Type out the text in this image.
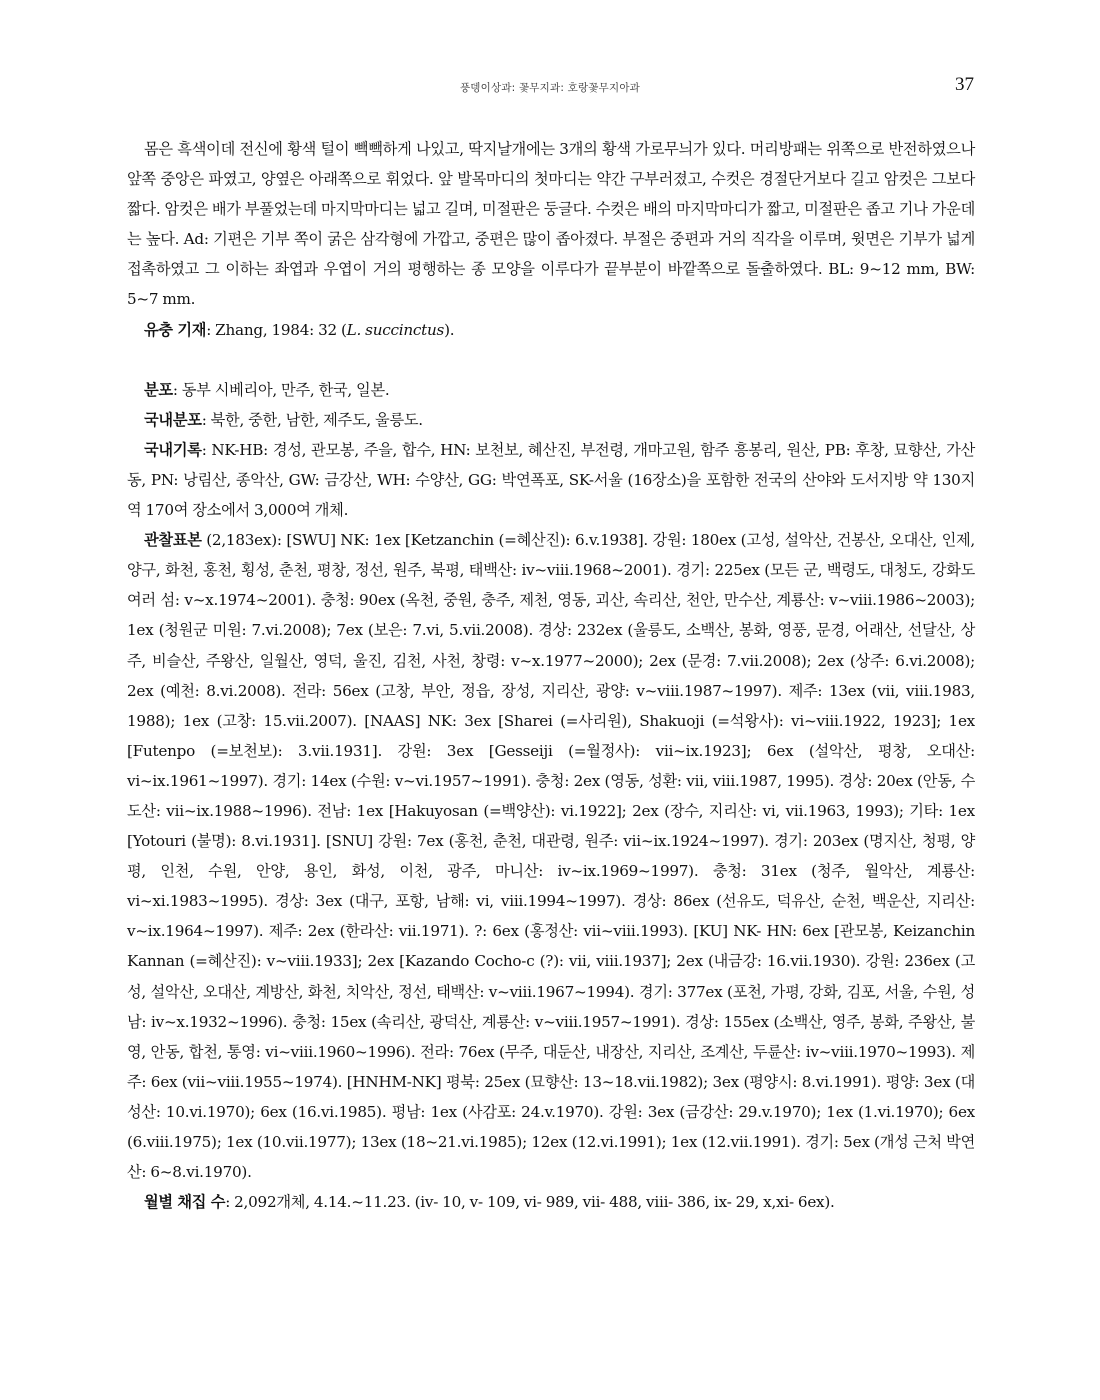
풍뎅이상과: 꽃무지과: 호랑꽃무지아과	37

몸은 흑색이데 전신에 황색 털이 빽빽하게 나있고, 딱지날개에는 3개의 황색 가로무늬가 있다. 머리방패는 위쪽으로 반전하였으나 앞쪽 중앙은 파였고, 양옆은 아래쪽으로 휘었다. 앞 발목마디의 첫마디는 약간 구부러졌고, 수컷은 경절단거보다 길고 암컷은 그보다 짧다. 암컷은 배가 부풀었는데 마지막마디는 넓고 길며, 미절판은 둥글다. 수컷은 배의 마지막마디가 짧고, 미절판은 좁고 기나 가운데는 높다. Ad: 기편은 기부 쪽이 굵은 삼각형에 가깝고, 중편은 많이 좁아졌다. 부절은 중편과 거의 직각을 이루며, 윗면은 기부가 넓게 접촉하였고 그 이하는 좌엽과 우엽이 거의 평행하는 종 모양을 이루다가 끝부분이 바깥쪽으로 돌출하였다. BL: 9~12 mm, BW: 5~7 mm.

유충 기재: Zhang, 1984: 32 (L. succinctus).

분포: 동부 시베리아, 만주, 한국, 일본.

국내분포: 북한, 중한, 남한, 제주도, 울릉도.

국내기록: NK-HB: 경성, 관모봉, 주을, 합수, HN: 보천보, 혜산진, 부전령, 개마고원, 함주 흥봉리, 원산, PB: 후창, 묘향산, 가산동, PN: 낭림산, 종악산, GW: 금강산, WH: 수양산, GG: 박연폭포, SK-서울 (16장소)을 포함한 전국의 산야와 도서지방 약 130지역 170여 장소에서 3,000여 개체.

관찰표본 (2,183ex): [SWU] NK: 1ex [Ketzanchin (=혜산진): 6.v.1938]. 강원: 180ex (고성, 설악산, 건봉산, 오대산, 인제, 양구, 화천, 홍천, 횡성, 춘천, 평창, 정선, 원주, 북평, 태백산: iv~viii.1968~2001). 경기: 225ex (모든 군, 백령도, 대청도, 강화도 여러 섬: v~x.1974~2001). 충청: 90ex (옥천, 중원, 충주, 제천, 영동, 괴산, 속리산, 천안, 만수산, 계룡산: v~viii.1986~2003); 1ex (청원군 미원: 7.vi.2008); 7ex (보은: 7.vi, 5.vii.2008). 경상: 232ex (울릉도, 소백산, 봉화, 영풍, 문경, 어래산, 선달산, 상주, 비슬산, 주왕산, 일월산, 영덕, 울진, 김천, 사천, 창령: v~x.1977~2000); 2ex (문경: 7.vii.2008); 2ex (상주: 6.vi.2008); 2ex (예천: 8.vi.2008). 전라: 56ex (고창, 부안, 정읍, 장성, 지리산, 광양: v~viii.1987~1997). 제주: 13ex (vii, viii.1983, 1988); 1ex (고창: 15.vii.2007). [NAAS] NK: 3ex [Sharei (=사리원), Shakuoji (=석왕사): vi~viii.1922, 1923]; 1ex [Futenpo (=보천보): 3.vii.1931]. 강원: 3ex [Gesseiji (=월정사): vii~ix.1923]; 6ex (설악산, 평창, 오대산: vi~ix.1961~1997). 경기: 14ex (수원: v~vi.1957~1991). 충청: 2ex (영동, 성환: vii, viii.1987, 1995). 경상: 20ex (안동, 수도산: vii~ix.1988~1996). 전남: 1ex [Hakuyosan (=백양산): vi.1922]; 2ex (장수, 지리산: vi, vii.1963, 1993); 기타: 1ex [Yotouri (불명): 8.vi.1931]. [SNU] 강원: 7ex (홍천, 춘천, 대관령, 원주: vii~ix.1924~1997). 경기: 203ex (명지산, 청평, 양평, 인천, 수원, 안양, 용인, 화성, 이천, 광주, 마니산: iv~ix.1969~1997). 충청: 31ex (청주, 월악산, 계룡산: vi~xi.1983~1995). 경상: 3ex (대구, 포항, 남해: vi, viii.1994~1997). 경상: 86ex (선유도, 덕유산, 순천, 백운산, 지리산: v~ix.1964~1997). 제주: 2ex (한라산: vii.1971). ?: 6ex (홍정산: vii~viii.1993). [KU] NK- HN: 6ex [관모봉, Keizanchin Kannan (=혜산진): v~viii.1933]; 2ex [Kazando Cocho-c (?): vii, viii.1937]; 2ex (내금강: 16.vii.1930). 강원: 236ex (고성, 설악산, 오대산, 계방산, 화천, 치악산, 정선, 태백산: v~viii.1967~1994). 경기: 377ex (포천, 가평, 강화, 김포, 서울, 수원, 성남: iv~x.1932~1996). 충청: 15ex (속리산, 광덕산, 계룡산: v~viii.1957~1991). 경상: 155ex (소백산, 영주, 봉화, 주왕산, 불영, 안동, 합천, 통영: vi~viii.1960~1996). 전라: 76ex (무주, 대둔산, 내장산, 지리산, 조계산, 두륜산: iv~viii.1970~1993). 제주: 6ex (vii~viii.1955~1974). [HNHM-NK] 평북: 25ex (묘향산: 13~18.vii.1982); 3ex (평양시: 8.vi.1991). 평양: 3ex (대성산: 10.vi.1970); 6ex (16.vi.1985). 평남: 1ex (사감포: 24.v.1970). 강원: 3ex (금강산: 29.v.1970); 1ex (1.vi.1970); 6ex (6.viii.1975); 1ex (10.vii.1977); 13ex (18~21.vi.1985); 12ex (12.vi.1991); 1ex (12.vii.1991). 경기: 5ex (개성 근처 박연산: 6~8.vi.1970).

월별 채집 수: 2,092개체, 4.14.~11.23. (iv- 10, v- 109, vi- 989, vii- 488, viii- 386, ix- 29, x,xi- 6ex).
